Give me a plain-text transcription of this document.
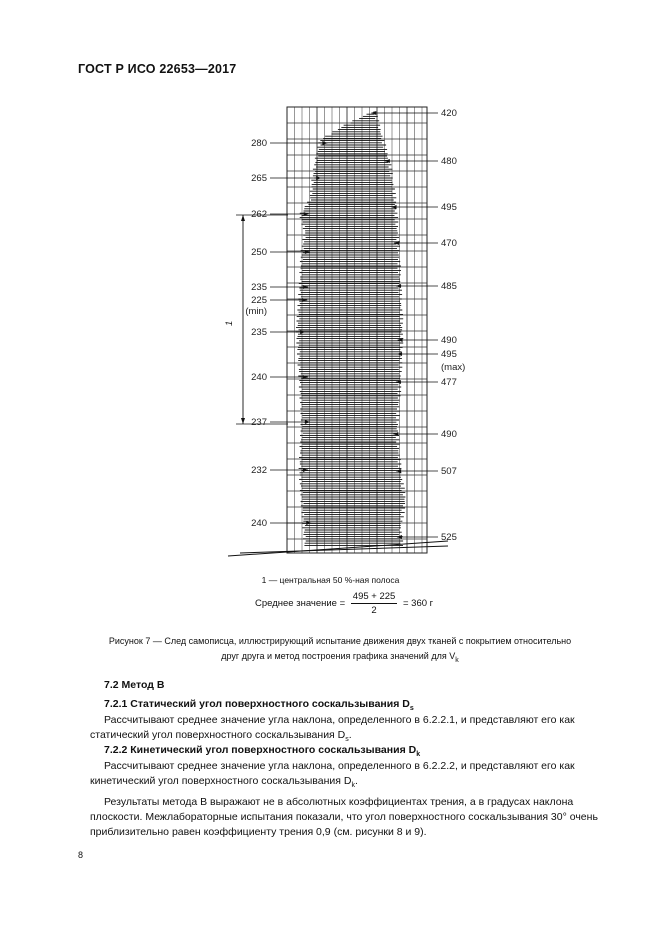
ГОСТ Р ИСО 22653—2017
280
265
262
250
235
225
(min)
235
240
237
232
240
420
480
495
470
485
490
495
(max)
477
490
507
525
1
1 — центральная 50 %-ная полоса
Среднее значение = $\frac{495 + 225}{2} = 360$ г
Рисунок 7 — След самописца, иллюстрирующий испытание движения двух тканей с покрытием относительно
друг друга и метод построения графика значений для $V_k$
7.2 Метод В
7.2.1 Статический угол поверхностного соскальзывания $D_s$
Рассчитывают среднее значение угла наклона, определенного в 6.2.2.1, и представляют его как
статический угол поверхностного соскальзывания $D_s$.
7.2.2 Кинетический угол поверхностного соскальзывания $D_k$
Рассчитывают среднее значение угла наклона, определенного в 6.2.2.2, и представляют его как
кинетический угол поверхностного соскальзывания $D_k$.
Результаты метода В выражают не в абсолютных коэффициентах трения, а в градусах наклона
плоскости. Межлабораторные испытания показали, что угол поверхностного соскальзывания 30° очень
приблизительно равен коэффициенту трения 0,9 (см. рисунки 8 и 9).
8
